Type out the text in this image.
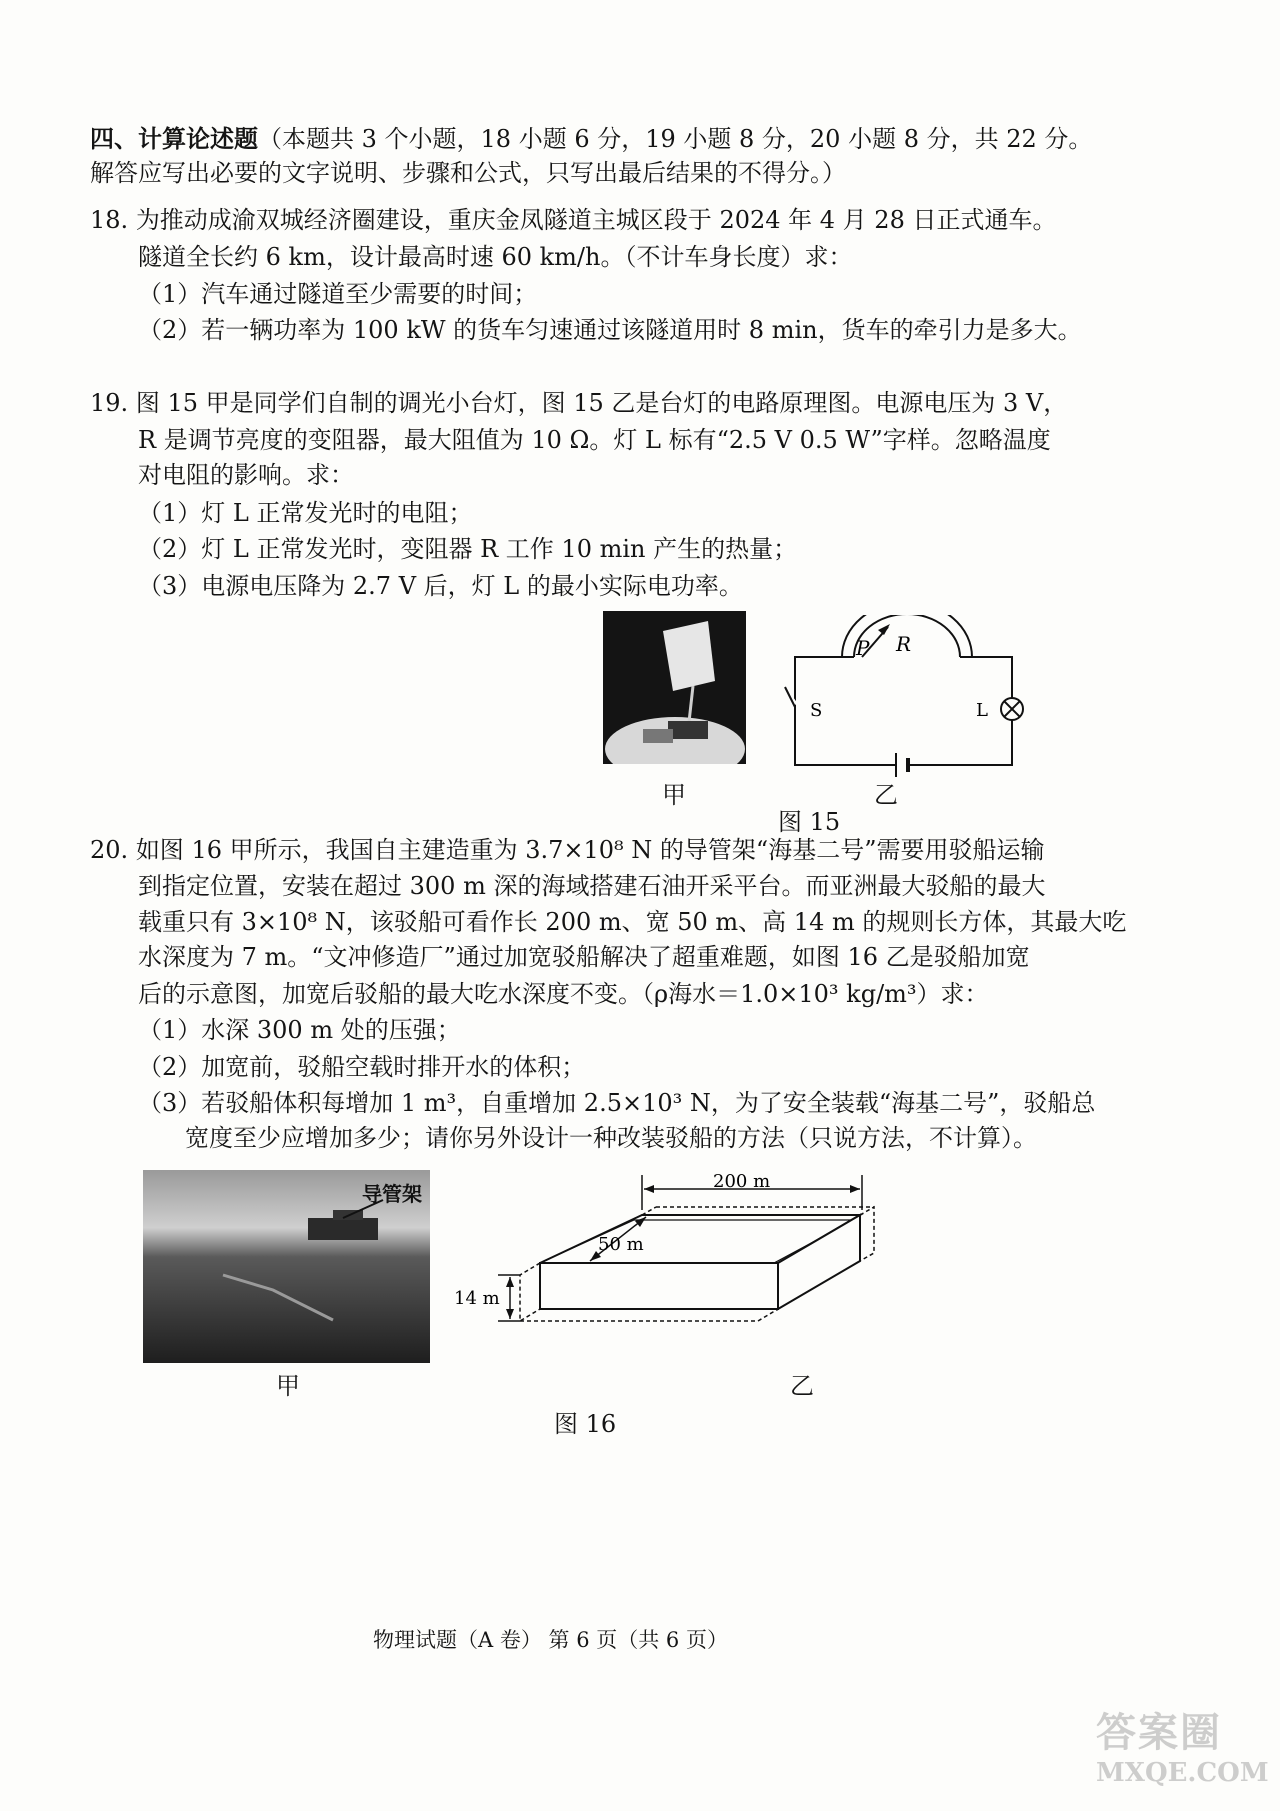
四、计算论述题（本题共 3 个小题，18 小题 6 分，19 小题 8 分，20 小题 8 分，共 22 分。
解答应写出必要的文字说明、步骤和公式，只写出最后结果的不得分。）
18. 为推动成渝双城经济圈建设，重庆金凤隧道主城区段于 2024 年 4 月 28 日正式通车。
隧道全长约 6 km，设计最高时速 60 km/h。（不计车身长度）求：
（1）汽车通过隧道至少需要的时间；
（2）若一辆功率为 100 kW 的货车匀速通过该隧道用时 8 min，货车的牵引力是多大。
19. 图 15 甲是同学们自制的调光小台灯，图 15 乙是台灯的电路原理图。电源电压为 3 V，
R 是调节亮度的变阻器，最大阻值为 10 Ω。灯 L 标有“2.5 V 0.5 W”字样。忽略温度
对电阻的影响。求：
（1）灯 L 正常发光时的电阻；
（2）灯 L 正常发光时，变阻器 R 工作 10 min 产生的热量；
（3）电源电压降为 2.7 V 后，灯 L 的最小实际电功率。
甲
P R
S	L
乙
图 15
20. 如图 16 甲所示，我国自主建造重为 3.7×10⁸ N 的导管架“海基二号”需要用驳船运输
到指定位置，安装在超过 300 m 深的海域搭建石油开采平台。而亚洲最大驳船的最大
载重只有 3×10⁸ N，该驳船可看作长 200 m、宽 50 m、高 14 m 的规则长方体，其最大吃
水深度为 7 m。“文冲修造厂”通过加宽驳船解决了超重难题，如图 16 乙是驳船加宽
后的示意图，加宽后驳船的最大吃水深度不变。（ρ海水＝1.0×10³ kg/m³）求：
（1）水深 300 m 处的压强；
（2）加宽前，驳船空载时排开水的体积；
（3）若驳船体积每增加 1 m³，自重增加 2.5×10³ N，为了安全装载“海基二号”，驳船总
宽度至少应增加多少；请你另外设计一种改装驳船的方法（只说方法，不计算）。
导管架
甲
200 m
50 m
14 m
乙
图 16
物理试题（A 卷） 第 6 页（共 6 页）
答案圈
MXQE.COM
